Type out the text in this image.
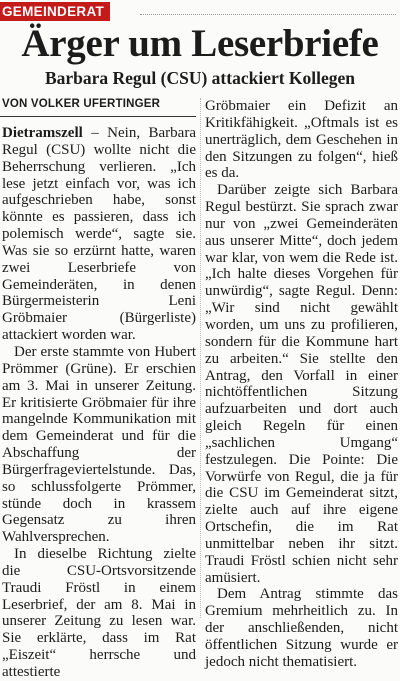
GEMEINDERAT
Ärger um Leserbriefe
Barbara Regul (CSU) attackiert Kollegen
VON VOLKER UFERTINGER

Dietramszell – Nein, Barbara Regul (CSU) wollte nicht die Beherrschung verlieren. „Ich lese jetzt einfach vor, was ich aufgeschrieben habe, sonst könnte es passieren, dass ich polemisch werde“, sagte sie. Was sie so erzürnt hatte, waren zwei Leserbriefe von Gemeinderäten, in denen Bürgermeisterin Leni Gröbmaier (Bürgerliste) attackiert worden war.

Der erste stammte von Hubert Prömmer (Grüne). Er erschien am 3. Mai in unserer Zeitung. Er kritisierte Gröbmaier für ihre mangelnde Kommunikation mit dem Gemeinderat und für die Abschaffung der Bürgerfrageviertelstunde. Das, so schlussfolgerte Prömmer, stünde doch in krassem Gegensatz zu ihren Wahlversprechen.

In dieselbe Richtung zielte die CSU-Ortsvorsitzende Traudi Fröstl in einem Leserbrief, der am 8. Mai in unserer Zeitung zu lesen war. Sie erklärte, dass im Rat „Eiszeit“ herrsche und attestierte

Gröbmaier ein Defizit an Kritikfähigkeit. „Oftmals ist es unerträglich, dem Geschehen in den Sitzungen zu folgen“, hieß es da.

Darüber zeigte sich Barbara Regul bestürzt. Sie sprach zwar nur von „zwei Gemeinderäten aus unserer Mitte“, doch jedem war klar, von wem die Rede ist. „Ich halte dieses Vorgehen für unwürdig“, sagte Regul. Denn: „Wir sind nicht gewählt worden, um uns zu profilieren, sondern für die Kommune hart zu arbeiten.“ Sie stellte den Antrag, den Vorfall in einer nichtöffentlichen Sitzung aufzuarbeiten und dort auch gleich Regeln für einen „sachlichen Umgang“ festzulegen. Die Pointe: Die Vorwürfe von Regul, die ja für die CSU im Gemeinderat sitzt, zielte auch auf ihre eigene Ortschefin, die im Rat unmittelbar neben ihr sitzt. Traudi Fröstl schien nicht sehr amüsiert.

Dem Antrag stimmte das Gremium mehrheitlich zu. In der anschließenden, nicht öffentlichen Sitzung wurde er jedoch nicht thematisiert.
